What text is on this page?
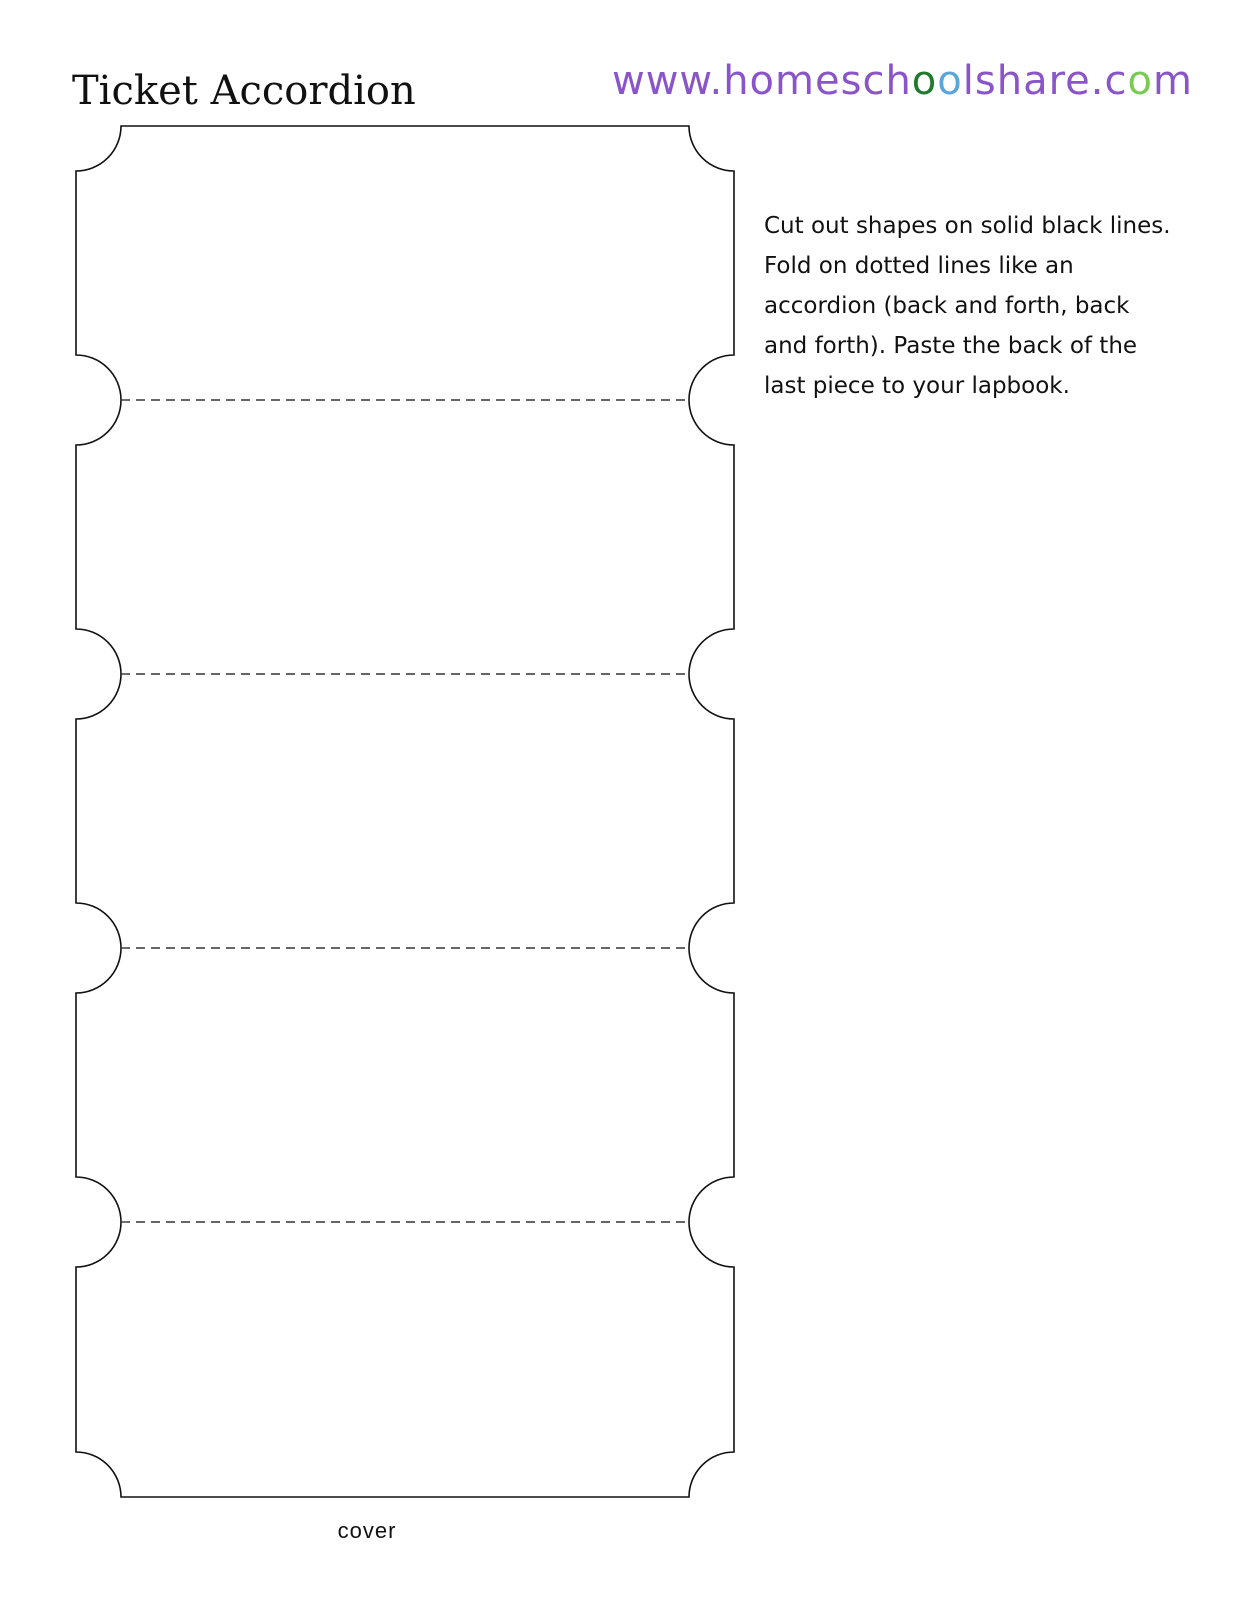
Ticket Accordion	www.homeschoolshare.com
Cut out shapes on solid black lines. Fold on dotted lines like an accordion (back and forth, back and forth). Paste the back of the last piece to your lapbook.
cover
